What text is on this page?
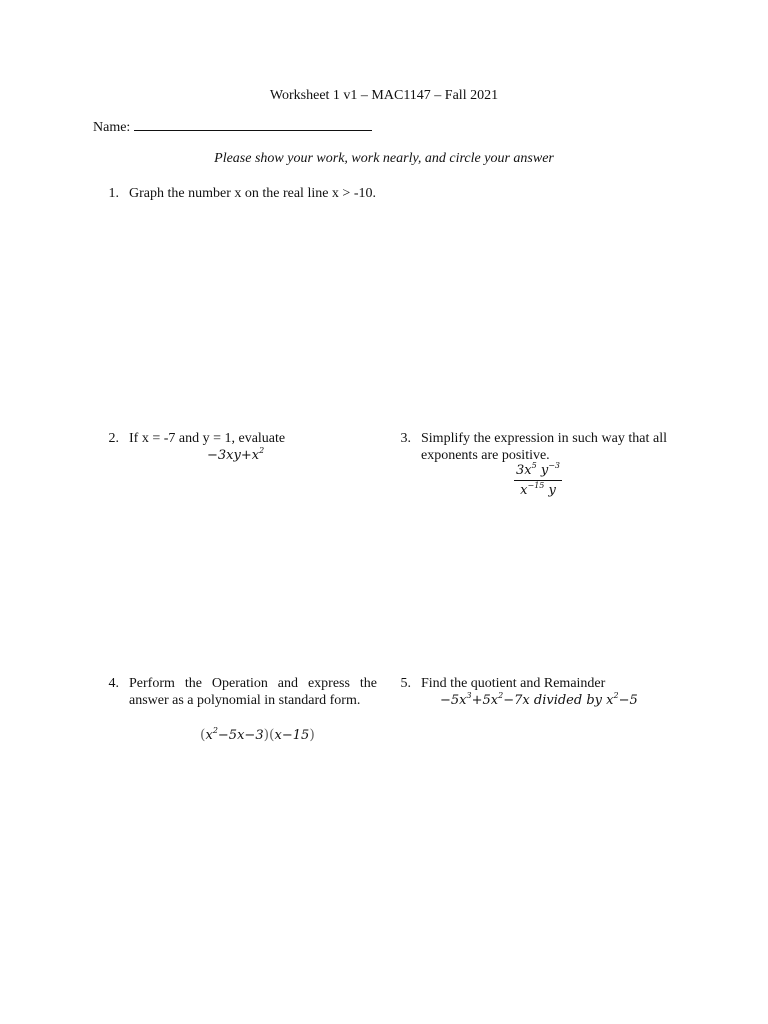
Worksheet 1 v1 – MAC1147 – Fall 2021
Name:
Please show your work, work nearly, and circle your answer
1. Graph the number x on the real line x > -10.
2. If x = -7 and y = 1, evaluate
$-3xy+x^2$
3. Simplify the expression in such way that all exponents are positive.
$\frac{3x^5 y^{-3}}{x^{-15} y}$
4. Perform the Operation and express the answer as a polynomial in standard form.
$(x^2-5x-3)(x-15)$
5. Find the quotient and Remainder
$-5x^3+5x^2-7x$ divided by $x^2-5$
